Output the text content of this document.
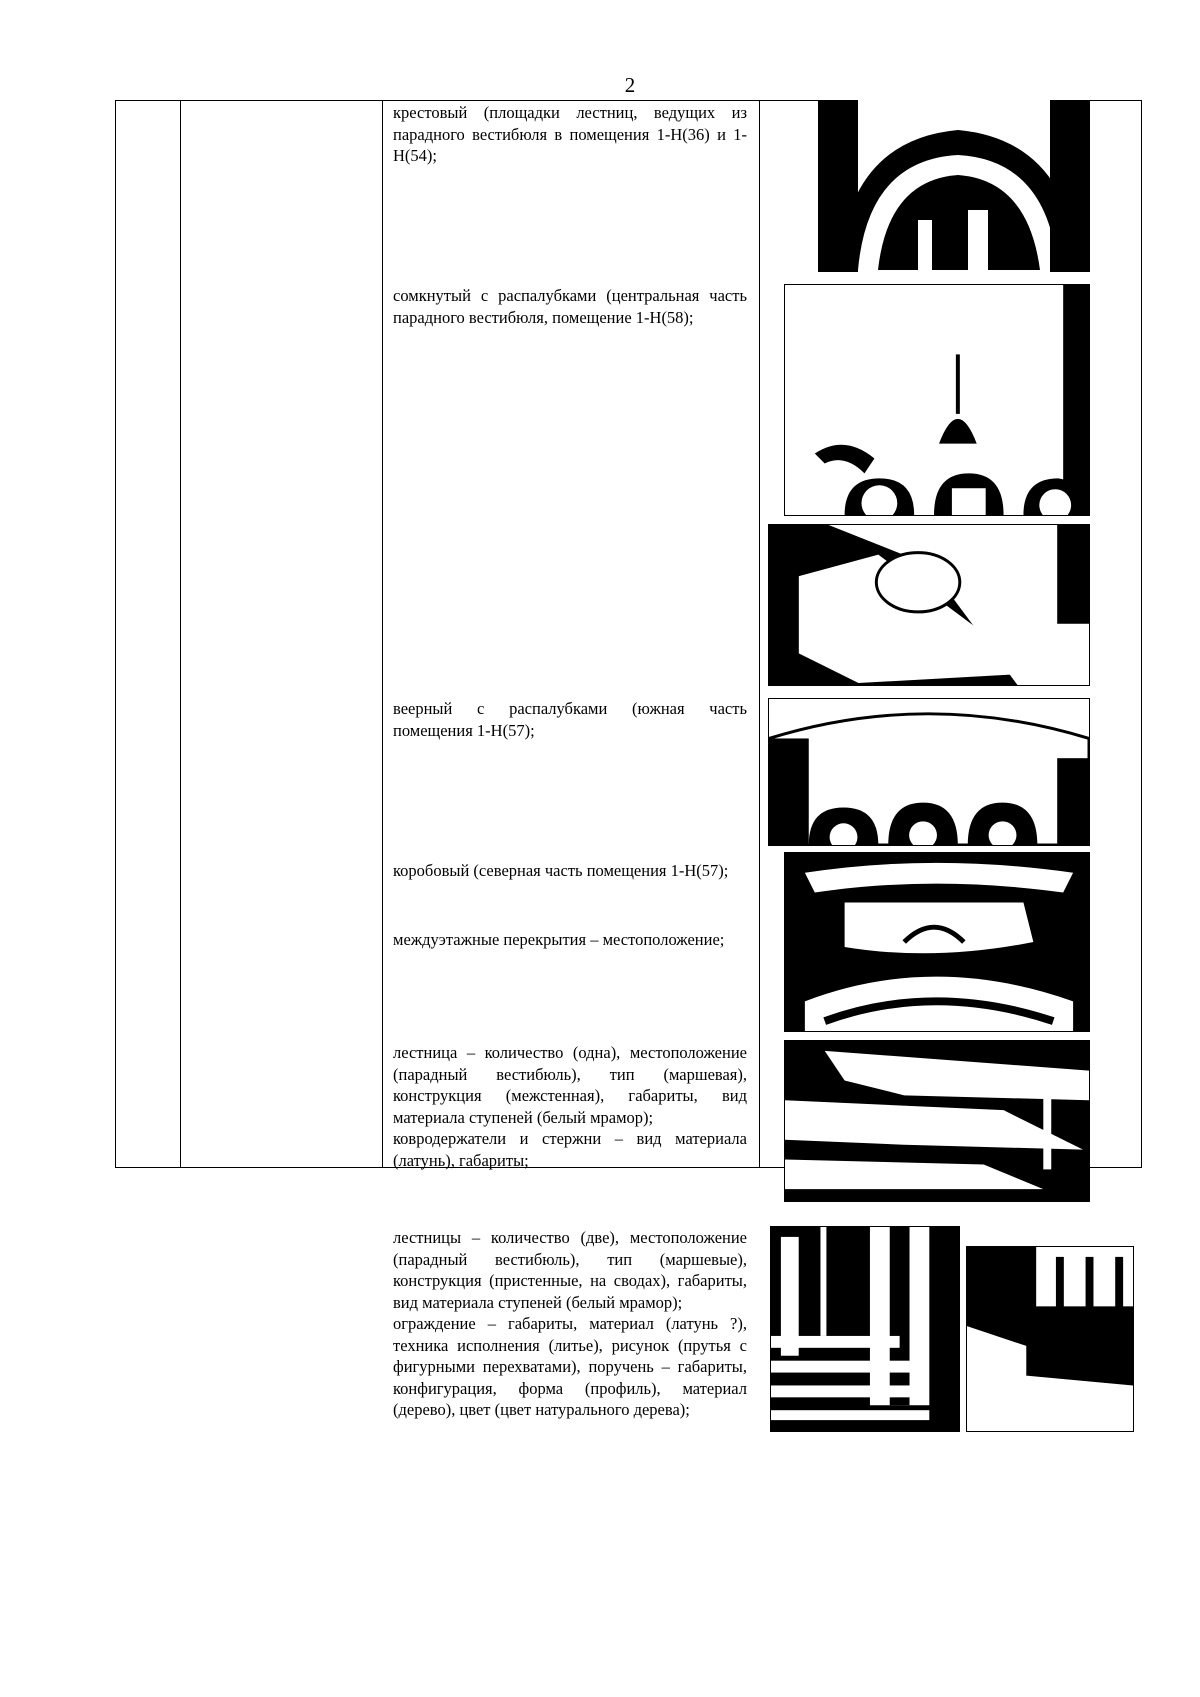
2
крестовый (площадки лестниц, ведущих из парадного вестибюля в помещения 1-Н(36) и 1-Н(54);
сомкнутый с распалубками (центральная часть парадного вестибюля, помещение 1-Н(58);
веерный с распалубками (южная часть помещения 1-Н(57);
коробовый (северная часть помещения 1-Н(57);
междуэтажные перекрытия – местоположение;
лестница – количество (одна), местоположение (парадный вестибюль), тип (маршевая), конструкция (межстенная), габариты, вид материала ступеней (белый мрамор);
ковродержатели и стержни – вид материала (латунь), габариты;
лестницы – количество (две), местоположение (парадный вестибюль), тип (маршевые), конструкция (пристенные, на сводах), габариты, вид материала ступеней (белый мрамор);
ограждение – габариты, материал (латунь ?), техника исполнения (литье), рисунок (прутья с фигурными перехватами), поручень – габариты, конфигурация, форма (профиль), материал (дерево), цвет (цвет натурального дерева);
